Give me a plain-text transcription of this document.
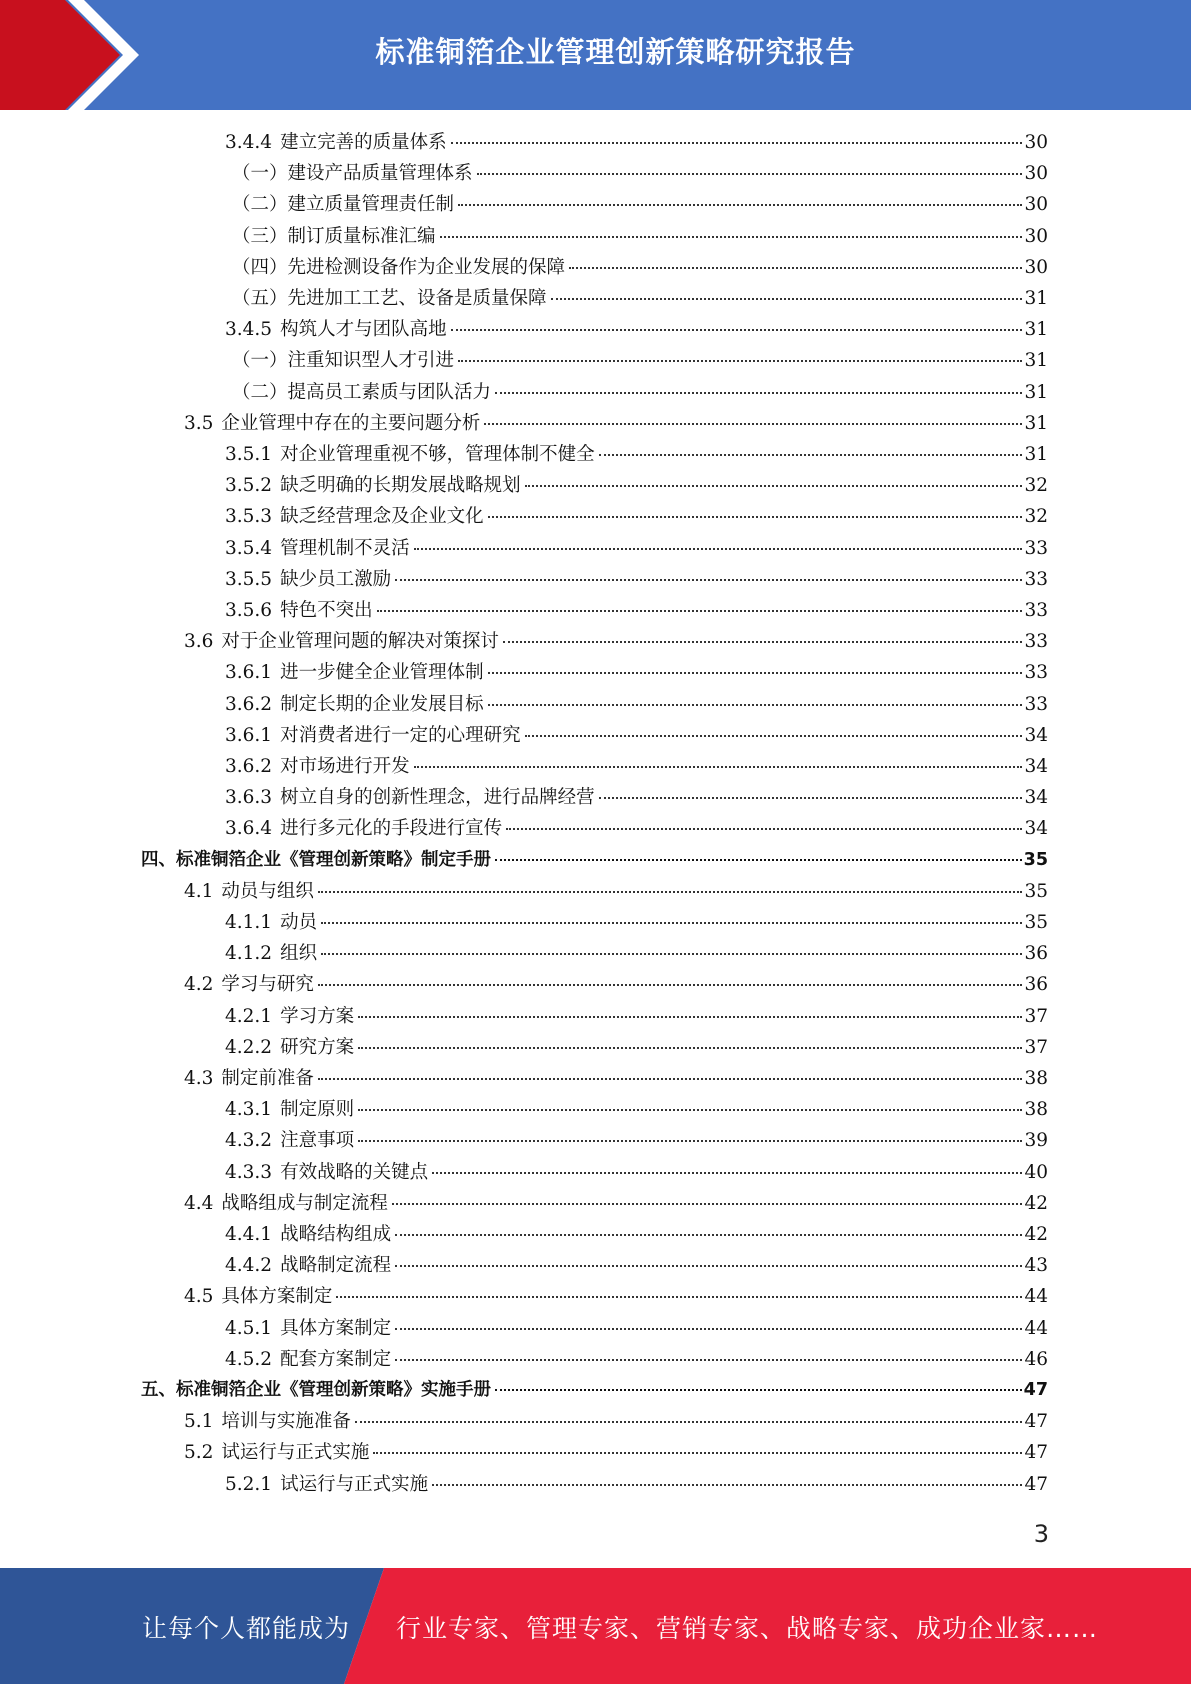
标准铜箔企业管理创新策略研究报告
3.4.4 建立完善的质量体系	30
（一）建设产品质量管理体系	30
（二）建立质量管理责任制	30
（三）制订质量标准汇编	30
（四）先进检测设备作为企业发展的保障	30
（五）先进加工工艺、设备是质量保障	31
3.4.5 构筑人才与团队高地	31
（一）注重知识型人才引进	31
（二）提高员工素质与团队活力	31
3.5 企业管理中存在的主要问题分析	31
3.5.1 对企业管理重视不够，管理体制不健全	31
3.5.2 缺乏明确的长期发展战略规划	32
3.5.3 缺乏经营理念及企业文化	32
3.5.4 管理机制不灵活	33
3.5.5 缺少员工激励	33
3.5.6 特色不突出	33
3.6 对于企业管理问题的解决对策探讨	33
3.6.1 进一步健全企业管理体制	33
3.6.2 制定长期的企业发展目标	33
3.6.1 对消费者进行一定的心理研究	34
3.6.2 对市场进行开发	34
3.6.3 树立自身的创新性理念，进行品牌经营	34
3.6.4 进行多元化的手段进行宣传	34
四、标准铜箔企业《管理创新策略》制定手册	35
4.1 动员与组织	35
4.1.1 动员	35
4.1.2 组织	36
4.2 学习与研究	36
4.2.1 学习方案	37
4.2.2 研究方案	37
4.3 制定前准备	38
4.3.1 制定原则	38
4.3.2 注意事项	39
4.3.3 有效战略的关键点	40
4.4 战略组成与制定流程	42
4.4.1 战略结构组成	42
4.4.2 战略制定流程	43
4.5 具体方案制定	44
4.5.1 具体方案制定	44
4.5.2 配套方案制定	46
五、标准铜箔企业《管理创新策略》实施手册	47
5.1 培训与实施准备	47
5.2 试运行与正式实施	47
5.2.1 试运行与正式实施	47
3
让每个人都能成为 行业专家、管理专家、营销专家、战略专家、成功企业家……
